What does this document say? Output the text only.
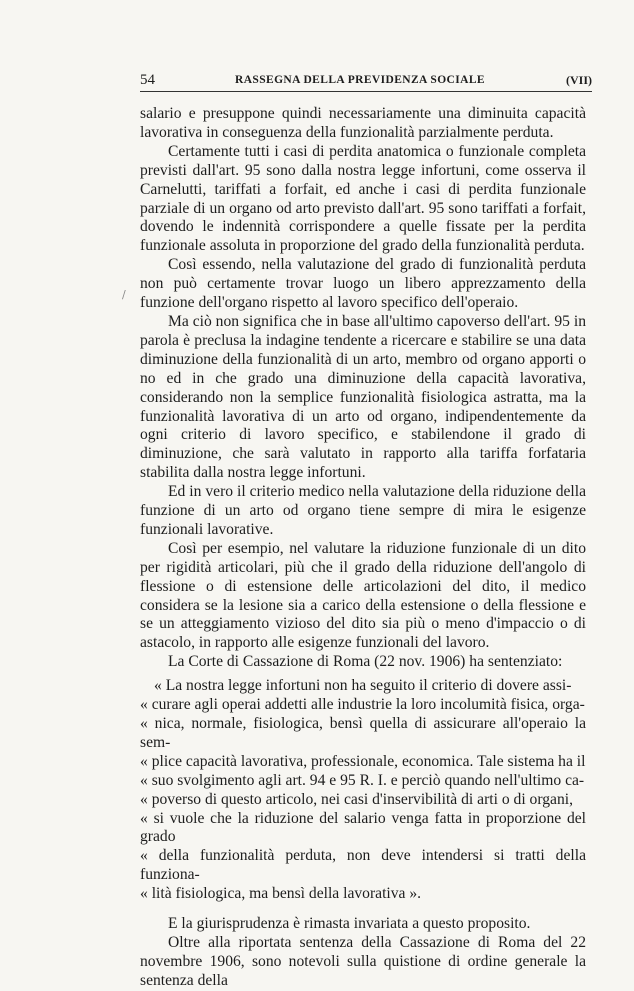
54	RASSEGNA DELLA PREVIDENZA SOCIALE	(VII)
/

salario e presuppone quindi necessariamente una diminuita capacità lavorativa in conseguenza della funzionalità parzialmente perduta.

Certamente tutti i casi di perdita anatomica o funzionale completa previsti dall'art. 95 sono dalla nostra legge infortuni, come osserva il Carnelutti, tariffati a forfait, ed anche i casi di perdita funzionale parziale di un organo od arto previsto dall'art. 95 sono tariffati a forfait, dovendo le indennità corrispondere a quelle fissate per la perdita funzionale assoluta in proporzione del grado della funzionalità perduta.

Così essendo, nella valutazione del grado di funzionalità perduta non può certamente trovar luogo un libero apprezzamento della funzione dell'organo rispetto al lavoro specifico dell'operaio.

Ma ciò non significa che in base all'ultimo capoverso dell'art. 95 in parola è preclusa la indagine tendente a ricercare e stabilire se una data diminuzione della funzionalità di un arto, membro od organo apporti o no ed in che grado una diminuzione della capacità lavorativa, considerando non la semplice funzionalità fisiologica astratta, ma la funzionalità lavorativa di un arto od organo, indipendentemente da ogni criterio di lavoro specifico, e stabilendone il grado di diminuzione, che sarà valutato in rapporto alla tariffa forfataria stabilita dalla nostra legge infortuni.

Ed in vero il criterio medico nella valutazione della riduzione della funzione di un arto od organo tiene sempre di mira le esigenze funzionali lavorative.

Così per esempio, nel valutare la riduzione funzionale di un dito per rigidità articolari, più che il grado della riduzione dell'angolo di flessione o di estensione delle articolazioni del dito, il medico considera se la lesione sia a carico della estensione o della flessione e se un atteggiamento vizioso del dito sia più o meno d'impaccio o di astacolo, in rapporto alle esigenze funzionali del lavoro.

La Corte di Cassazione di Roma (22 nov. 1906) ha sentenziato:

« La nostra legge infortuni non ha seguito il criterio di dovere assi-

« curare agli operai addetti alle industrie la loro incolumità fisica, orga-

« nica, normale, fisiologica, bensì quella di assicurare all'operaio la sem-

« plice capacità lavorativa, professionale, economica. Tale sistema ha il

« suo svolgimento agli art. 94 e 95 R. I. e perciò quando nell'ultimo ca-

« poverso di questo articolo, nei casi d'inservibilità di arti o di organi,

« si vuole che la riduzione del salario venga fatta in proporzione del grado

« della funzionalità perduta, non deve intendersi si tratti della funziona-

« lità fisiologica, ma bensì della lavorativa ».

E la giurisprudenza è rimasta invariata a questo proposito.

Oltre alla riportata sentenza della Cassazione di Roma del 22 novembre 1906, sono notevoli sulla quistione di ordine generale la sentenza della
